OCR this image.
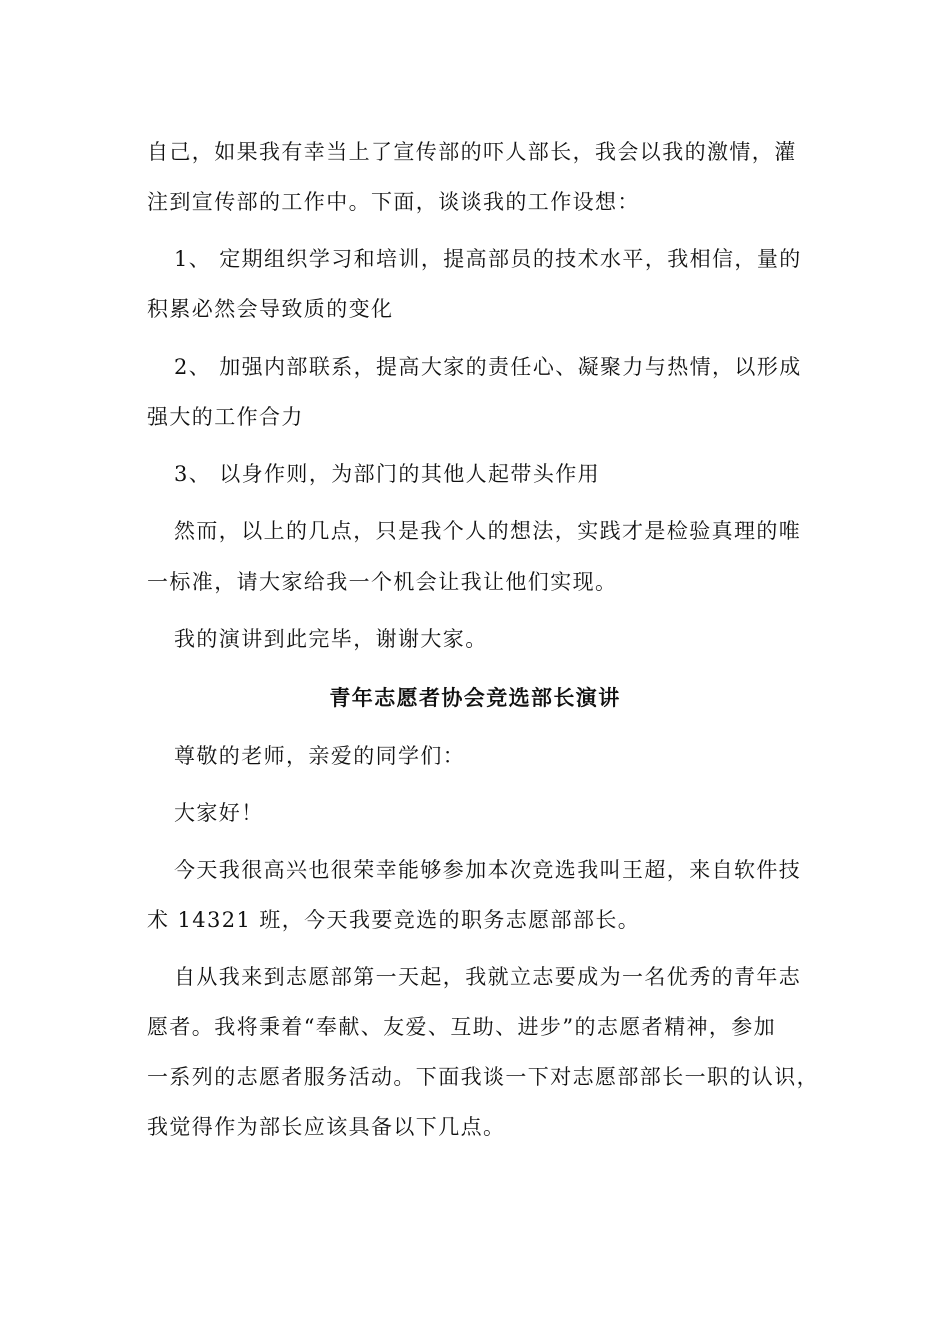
自己，如果我有幸当上了宣传部的吓人部长，我会以我的激情，灌
注到宣传部的工作中。下面，谈谈我的工作设想：
1、 定期组织学习和培训，提高部员的技术水平，我相信，量的
积累必然会导致质的变化
2、 加强内部联系，提高大家的责任心、凝聚力与热情，以形成
强大的工作合力
3、 以身作则，为部门的其他人起带头作用
然而，以上的几点，只是我个人的想法，实践才是检验真理的唯
一标准，请大家给我一个机会让我让他们实现。
我的演讲到此完毕，谢谢大家。
青年志愿者协会竞选部长演讲
尊敬的老师，亲爱的同学们：
大家好！
今天我很高兴也很荣幸能够参加本次竞选我叫王超，来自软件技
术 14321 班，今天我要竞选的职务志愿部部长。
自从我来到志愿部第一天起，我就立志要成为一名优秀的青年志
愿者。我将秉着“奉献、友爱、互助、进步”的志愿者精神，参加
一系列的志愿者服务活动。下面我谈一下对志愿部部长一职的认识，
我觉得作为部长应该具备以下几点。
